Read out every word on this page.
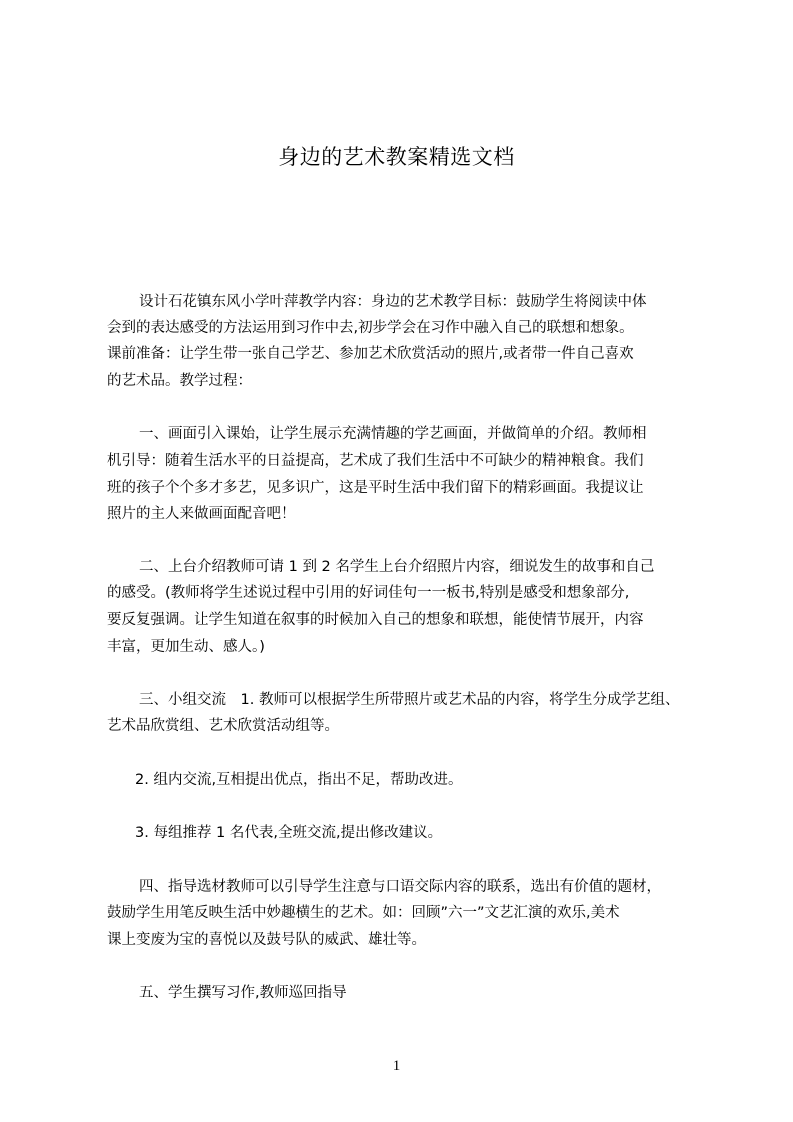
身边的艺术教案精选文档
设计石花镇东风小学叶萍教学内容：身边的艺术教学目标：鼓励学生将阅读中体
会到的表达感受的方法运用到习作中去,初步学会在习作中融入自己的联想和想象。
课前准备：让学生带一张自己学艺、参加艺术欣赏活动的照片,或者带一件自己喜欢
的艺术品。教学过程：
一、画面引入课始，让学生展示充满情趣的学艺画面，并做简单的介绍。教师相
机引导：随着生活水平的日益提高，艺术成了我们生活中不可缺少的精神粮食。我们
班的孩子个个多才多艺，见多识广，这是平时生活中我们留下的精彩画面。我提议让
照片的主人来做画面配音吧！
二、上台介绍教师可请 1 到 2 名学生上台介绍照片内容，细说发生的故事和自己
的感受。(教师将学生述说过程中引用的好词佳句一一板书,特别是感受和想象部分,
要反复强调。让学生知道在叙事的时候加入自己的想象和联想，能使情节展开，内容
丰富，更加生动、感人。)
三、小组交流　1. 教师可以根据学生所带照片或艺术品的内容，将学生分成学艺组、
艺术品欣赏组、艺术欣赏活动组等。
2. 组内交流,互相提出优点，指出不足，帮助改进。
3. 每组推荐 1 名代表,全班交流,提出修改建议。
四、指导选材教师可以引导学生注意与口语交际内容的联系，选出有价值的题材，
鼓励学生用笔反映生活中妙趣横生的艺术。如：回顾”六一”文艺汇演的欢乐,美术
课上变废为宝的喜悦以及鼓号队的威武、雄壮等。
五、学生撰写习作,教师巡回指导
1
